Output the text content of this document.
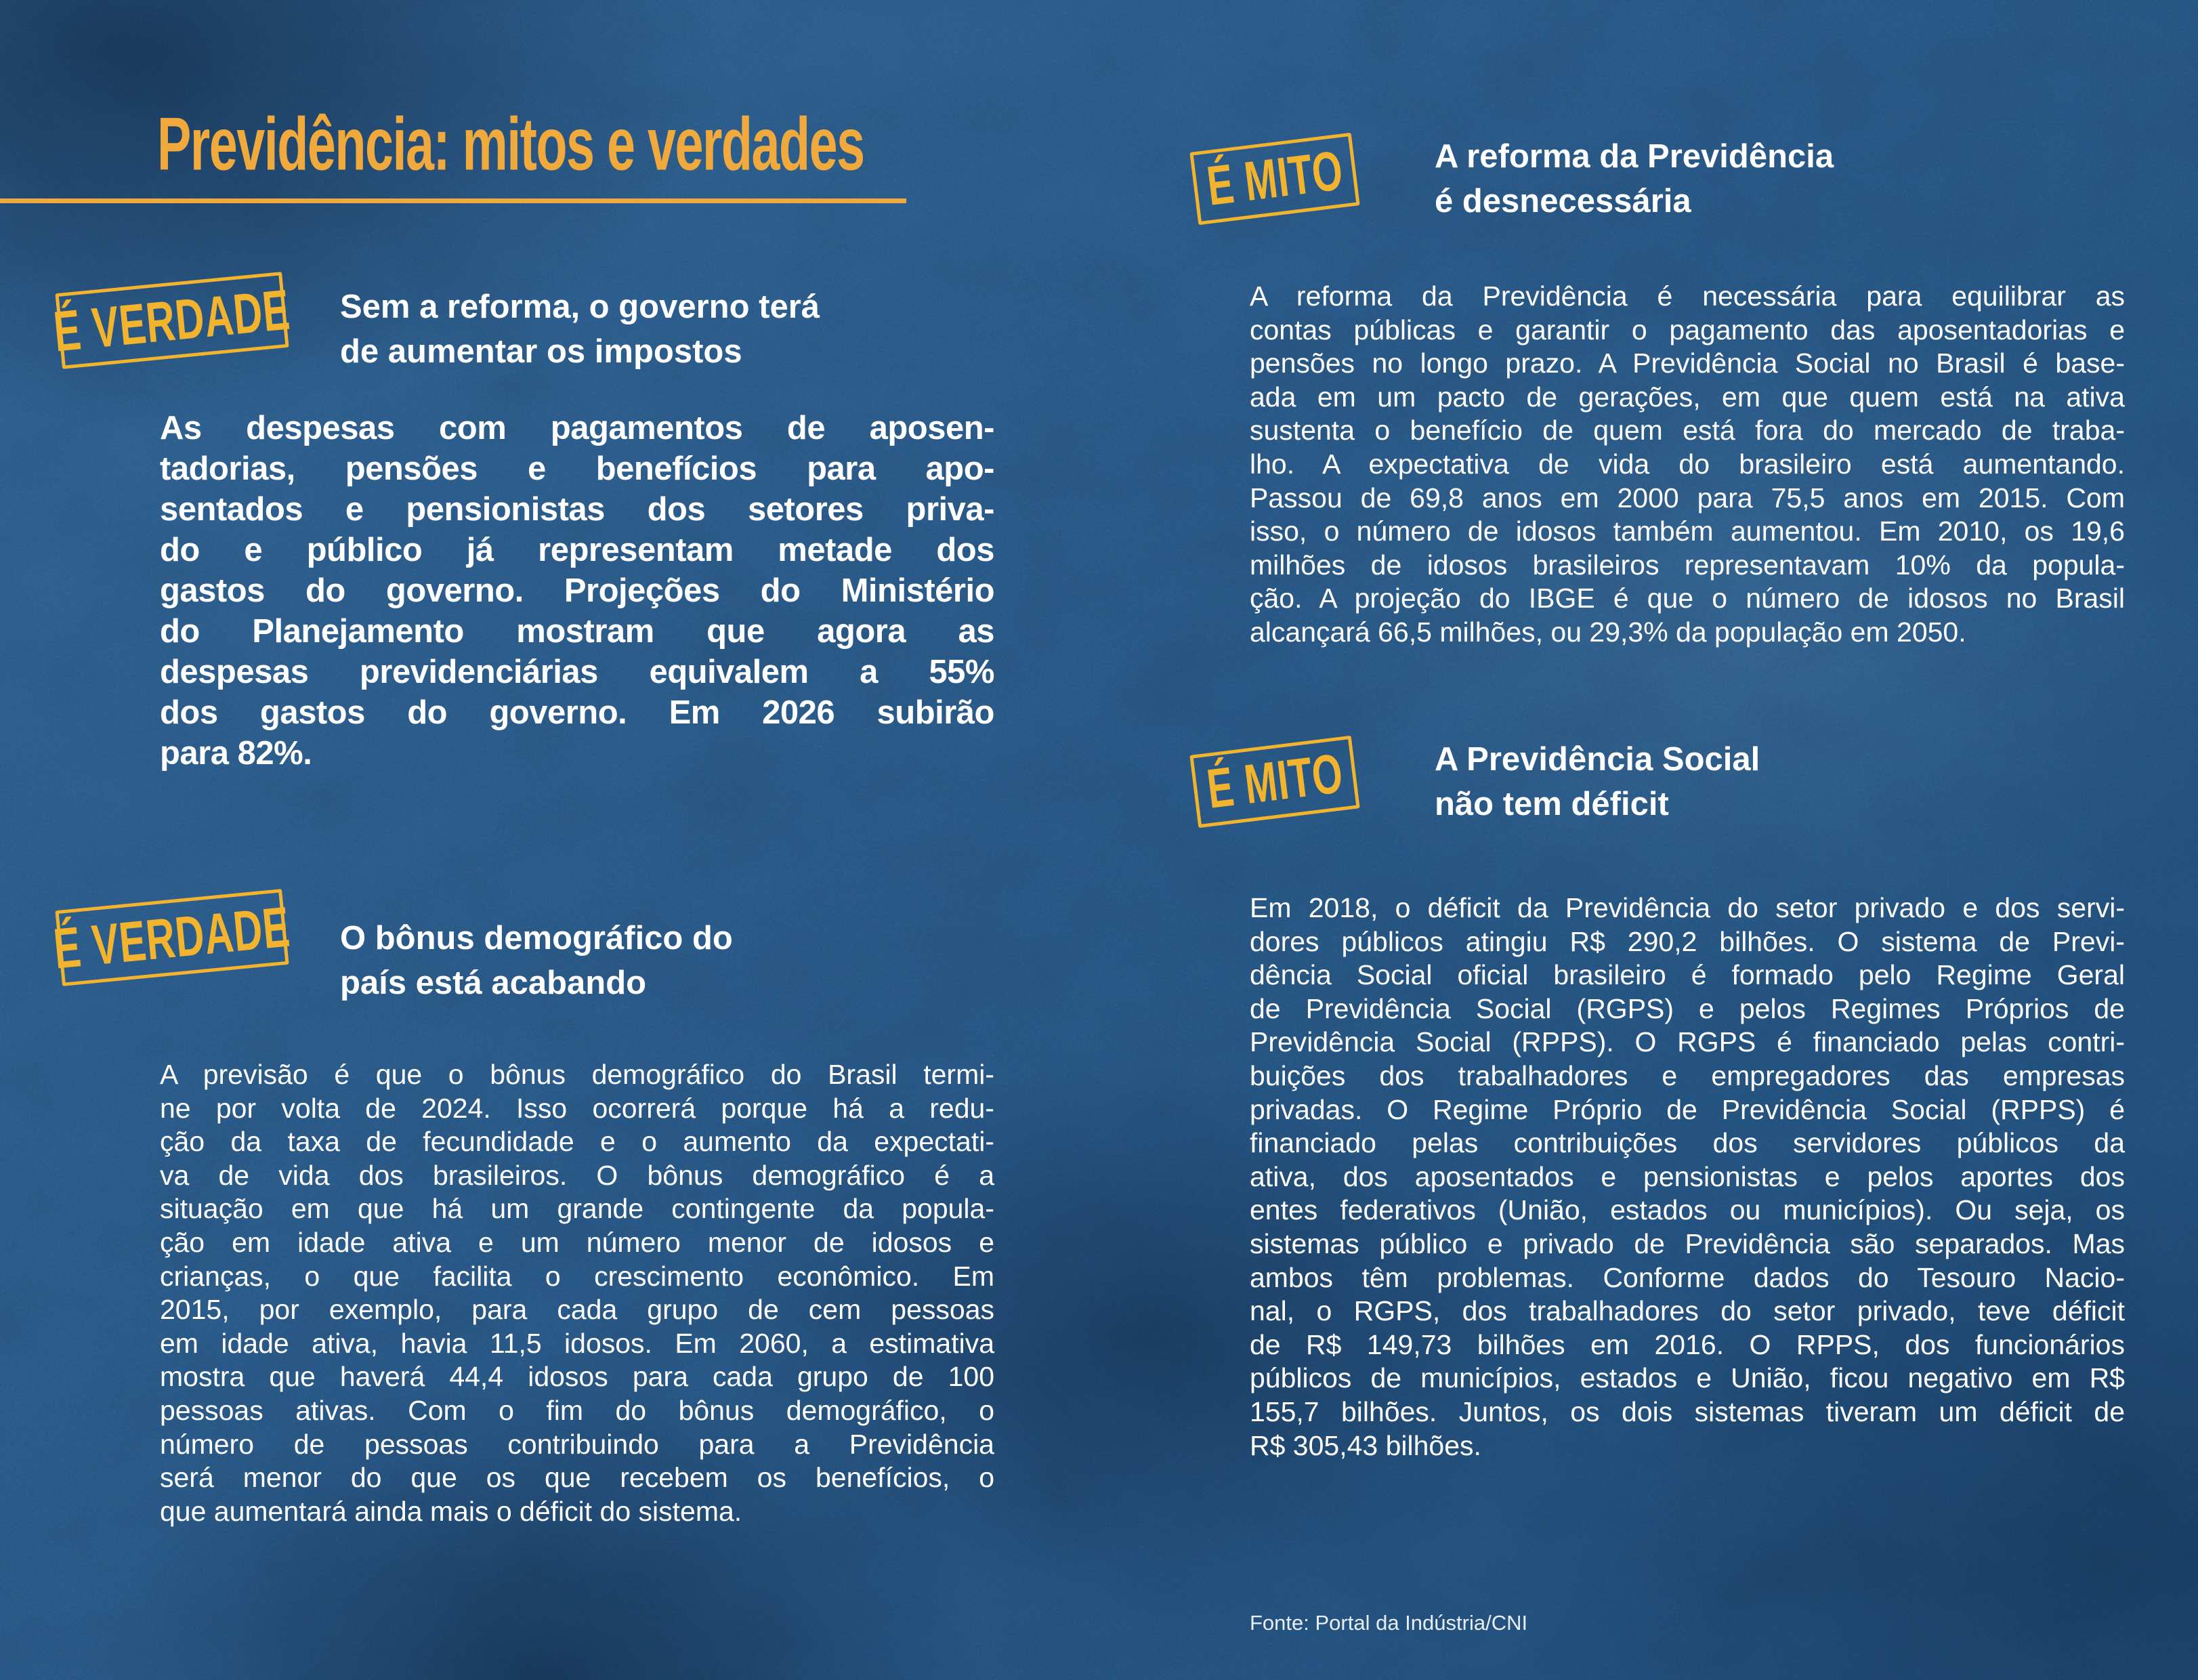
Previdência: mitos e verdades
É VERDADE Sem a reforma, o governo terá
de aumentar os impostos
As despesas com pagamentos de aposen-
tadorias, pensões e benefícios para apo-
sentados e pensionistas dos setores priva-
do e público já representam metade dos
gastos do governo. Projeções do Ministério
do Planejamento mostram que agora as
despesas previdenciárias equivalem a 55%
dos gastos do governo. Em 2026 subirão
para 82%.
É VERDADE O bônus demográfico do
país está acabando
A previsão é que o bônus demográfico do Brasil termi-
ne por volta de 2024. Isso ocorrerá porque há a redu-
ção da taxa de fecundidade e o aumento da expectati-
va de vida dos brasileiros. O bônus demográfico é a
situação em que há um grande contingente da popula-
ção em idade ativa e um número menor de idosos e
crianças, o que facilita o crescimento econômico. Em
2015, por exemplo, para cada grupo de cem pessoas
em idade ativa, havia 11,5 idosos. Em 2060, a estimativa
mostra que haverá 44,4 idosos para cada grupo de 100
pessoas ativas. Com o fim do bônus demográfico, o
número de pessoas contribuindo para a Previdência
será menor do que os que recebem os benefícios, o
que aumentará ainda mais o déficit do sistema.
É MITO	A reforma da Previdência
é desnecessária
A reforma da Previdência é necessária para equilibrar as
contas públicas e garantir o pagamento das aposentadorias e
pensões no longo prazo. A Previdência Social no Brasil é base-
ada em um pacto de gerações, em que quem está na ativa
sustenta o benefício de quem está fora do mercado de traba-
lho. A expectativa de vida do brasileiro está aumentando.
Passou de 69,8 anos em 2000 para 75,5 anos em 2015. Com
isso, o número de idosos também aumentou. Em 2010, os 19,6
milhões de idosos brasileiros representavam 10% da popula-
ção. A projeção do IBGE é que o número de idosos no Brasil
alcançará 66,5 milhões, ou 29,3% da população em 2050.
É MITO	A Previdência Social
não tem déficit
Em 2018, o déficit da Previdência do setor privado e dos servi-
dores públicos atingiu R$ 290,2 bilhões. O sistema de Previ-
dência Social oficial brasileiro é formado pelo Regime Geral
de Previdência Social (RGPS) e pelos Regimes Próprios de
Previdência Social (RPPS). O RGPS é financiado pelas contri-
buições dos trabalhadores e empregadores das empresas
privadas. O Regime Próprio de Previdência Social (RPPS) é
financiado pelas contribuições dos servidores públicos da
ativa, dos aposentados e pensionistas e pelos aportes dos
entes federativos (União, estados ou municípios). Ou seja, os
sistemas público e privado de Previdência são separados. Mas
ambos têm problemas. Conforme dados do Tesouro Nacio-
nal, o RGPS, dos trabalhadores do setor privado, teve déficit
de R$ 149,73 bilhões em 2016. O RPPS, dos funcionários
públicos de municípios, estados e União, ficou negativo em R$
155,7 bilhões. Juntos, os dois sistemas tiveram um déficit de
R$ 305,43 bilhões.
Fonte: Portal da Indústria/CNI
